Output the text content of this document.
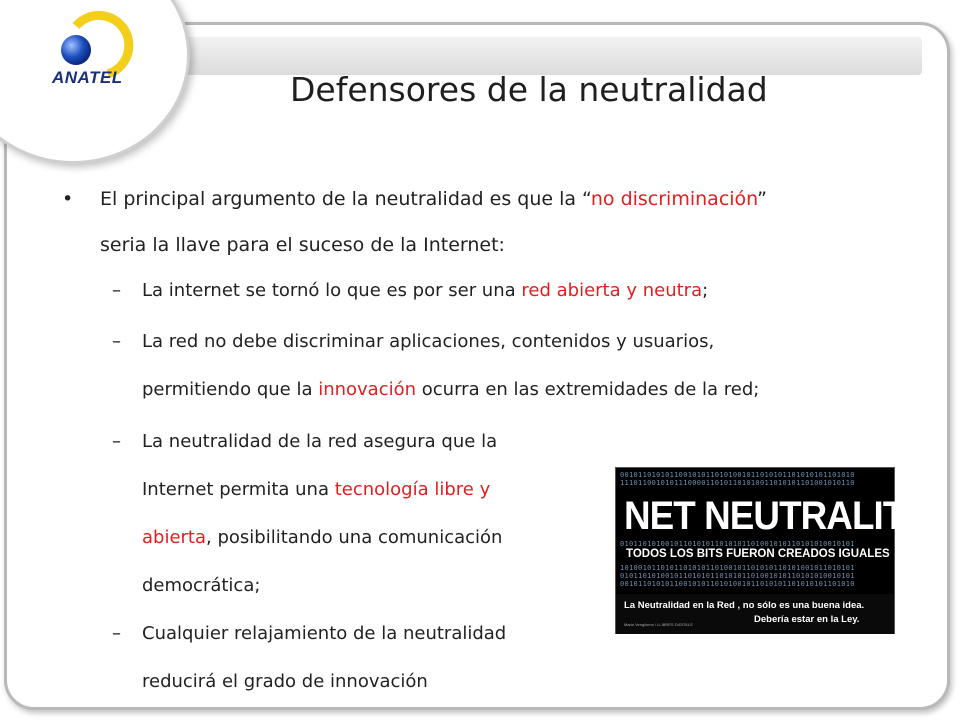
ANATEL	Defensores de la neutralidad
• El principal argumento de la neutralidad es que la “no discriminación”
seria la llave para el suceso de la Internet:
– La internet se tornó lo que es por ser una red abierta y neutra;
– La red no debe discriminar aplicaciones, contenidos y usuarios,
permitiendo que la innovación ocurra en las extremidades de la red;
– La neutralidad de la red asegura que la
Internet permita una tecnología libre y
abierta, posibilitando una comunicación
democrática;
– Cualquier relajamiento de la neutralidad
reducirá el grado de innovación
0010110101011001010110101001011010101101010101101010
1110110010101110000110101101010011010101101001010110
NET NEUTRALITY
0101101010010110101011010101101001010110101010010101
TODOS LOS BITS FUERON CREADOS IGUALES
1010010110101101010110100101101010110101001011010101
0101101010010110101011010101101001010110101010010101
0010110101011001010110101001011010101101010101101010
La Neutralidad en la Red , no sólo es una buena idea.
Debería estar en la Ley.
Mario Vengilomo / LLIBRES DIGITALS
